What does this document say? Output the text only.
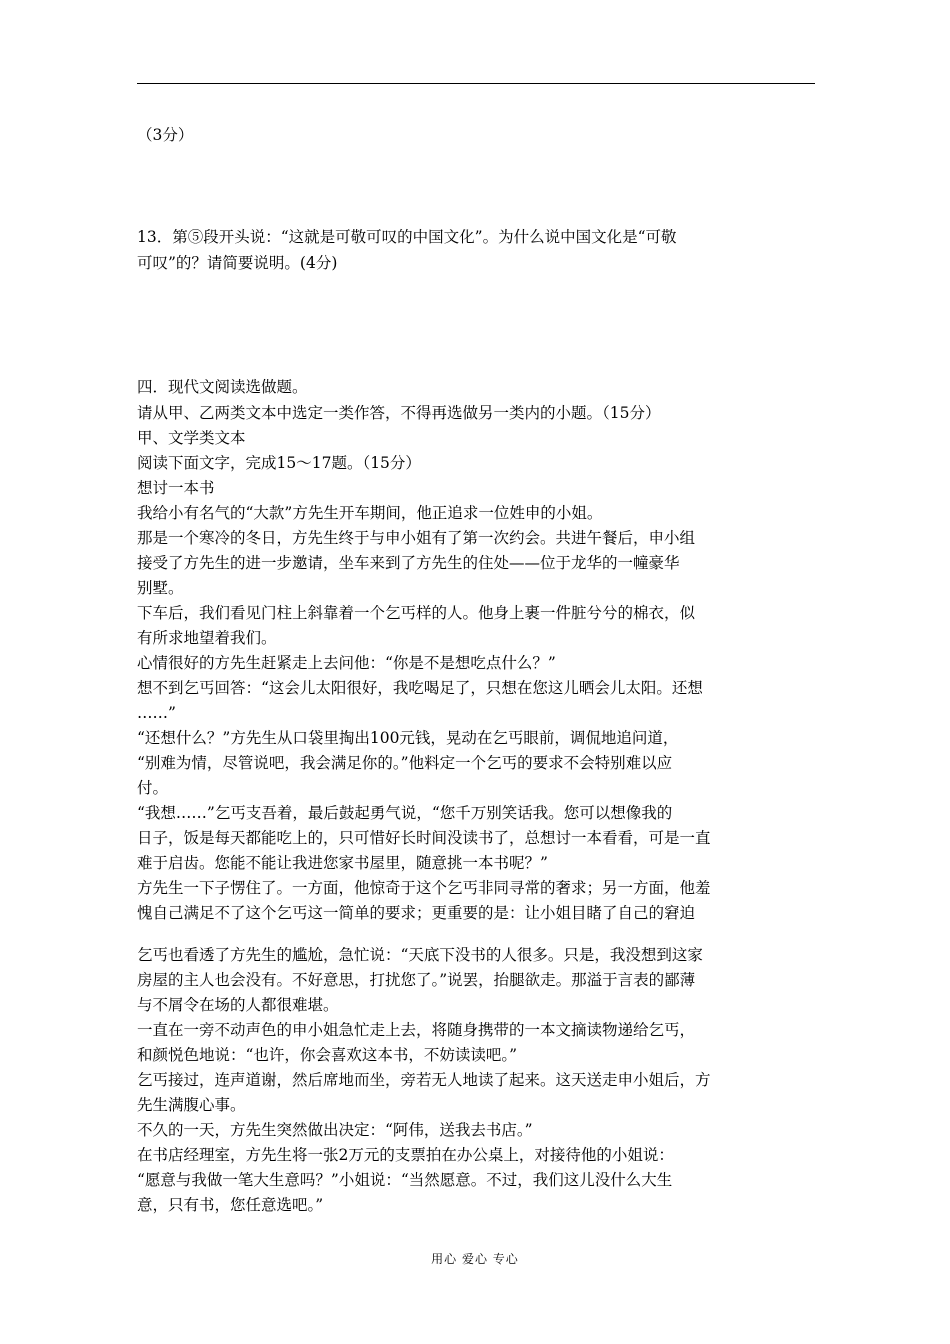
（3分）

13．第⑤段开头说：“这就是可敬可叹的中国文化”。为什么说中国文化是“可敬

可叹”的？请简要说明。(4分)

四．现代文阅读选做题。

请从甲、乙两类文本中选定一类作答，不得再选做另一类内的小题。（15分）

甲、文学类文本

阅读下面文字，完成15～17题。（15分）

想讨一本书

我给小有名气的“大款”方先生开车期间，他正追求一位姓申的小姐。

那是一个寒冷的冬日，方先生终于与申小姐有了第一次约会。共进午餐后，申小组

接受了方先生的进一步邀请，坐车来到了方先生的住处——位于龙华的一幢豪华

别墅。

下车后，我们看见门柱上斜靠着一个乞丐样的人。他身上裹一件脏兮兮的棉衣，似

有所求地望着我们。

心情很好的方先生赶紧走上去问他：“你是不是想吃点什么？”

想不到乞丐回答：“这会儿太阳很好，我吃喝足了，只想在您这儿晒会儿太阳。还想

……”

“还想什么？”方先生从口袋里掏出100元钱，晃动在乞丐眼前，调侃地追问道，

“别难为情，尽管说吧，我会满足你的。”他料定一个乞丐的要求不会特别难以应

付。

“我想……”乞丐支吾着，最后鼓起勇气说，“您千万别笑话我。您可以想像我的

日子，饭是每天都能吃上的，只可惜好长时间没读书了，总想讨一本看看，可是一直

难于启齿。您能不能让我进您家书屋里，随意挑一本书呢？”

方先生一下子愣住了。一方面，他惊奇于这个乞丐非同寻常的奢求；另一方面，他羞

愧自己满足不了这个乞丐这一简单的要求；更重要的是：让小姐目睹了自己的窘迫

乞丐也看透了方先生的尴尬，急忙说：“天底下没书的人很多。只是，我没想到这家

房屋的主人也会没有。不好意思，打扰您了。”说罢，抬腿欲走。那溢于言表的鄙薄

与不屑令在场的人都很难堪。

一直在一旁不动声色的申小姐急忙走上去，将随身携带的一本文摘读物递给乞丐，

和颜悦色地说：“也许，你会喜欢这本书，不妨读读吧。”

乞丐接过，连声道谢，然后席地而坐，旁若无人地读了起来。这天送走申小姐后，方

先生满腹心事。

不久的一天，方先生突然做出决定：“阿伟，送我去书店。”

在书店经理室，方先生将一张2万元的支票拍在办公桌上，对接待他的小姐说：

“愿意与我做一笔大生意吗？”小姐说：“当然愿意。不过，我们这儿没什么大生

意，只有书，您任意选吧。”

用心 爱心 专心
